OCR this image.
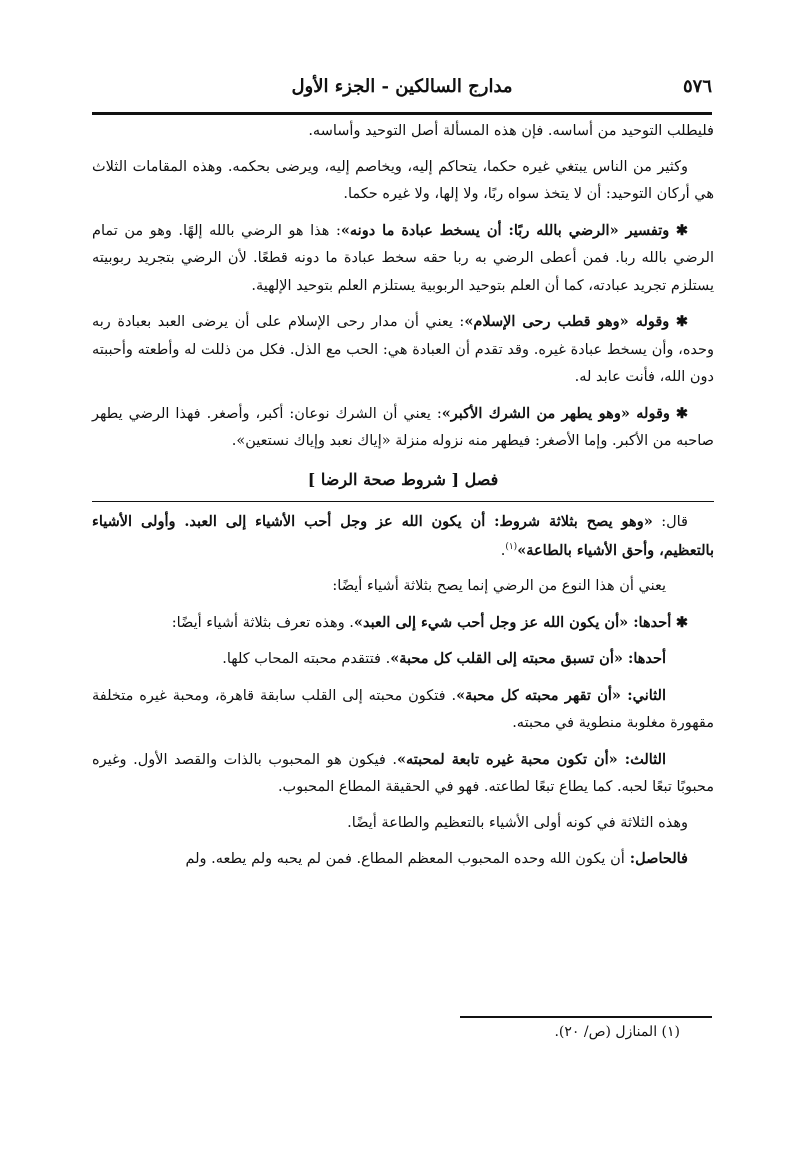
٥٧٦
مدارج السالكين - الجزء الأول

فليطلب التوحيد من أساسه. فإن هذه المسألة أصل التوحيد وأساسه.

وكثير من الناس يبتغي غيره حكما، يتحاكم إليه، ويخاصم إليه، ويرضى بحكمه. وهذه المقامات الثلاث هي أركان التوحيد: أن لا يتخذ سواه ربًا، ولا إلها، ولا غيره حكما.

✱ وتفسير «الرضي بالله ربًا: أن يسخط عبادة ما دونه»: هذا هو الرضي بالله إلهًا. وهو من تمام الرضي بالله ربا. فمن أعطى الرضي به ربا حقه سخط عبادة ما دونه قطعًا. لأن الرضي بتجريد ربوبيته يستلزم تجريد عبادته، كما أن العلم بتوحيد الربوبية يستلزم العلم بتوحيد الإلهية.

✱ وقوله «وهو قطب رحى الإسلام»: يعني أن مدار رحى الإسلام على أن يرضى العبد بعبادة ربه وحده، وأن يسخط عبادة غيره. وقد تقدم أن العبادة هي: الحب مع الذل. فكل من ذللت له وأطعته وأحببته دون الله، فأنت عابد له.

✱ وقوله «وهو يطهر من الشرك الأكبر»: يعني أن الشرك نوعان: أكبر، وأصغر. فهذا الرضي يطهر صاحبه من الأكبر. وإما الأصغر: فيطهر منه نزوله منزلة «إياك نعبد وإياك نستعين».

فصل [ شروط صحة الرضا ]

قال: «وهو يصح بثلاثة شروط: أن يكون الله عز وجل أحب الأشياء إلى العبد. وأولى الأشياء بالتعظيم، وأحق الأشياء بالطاعة»$^{(١)}$.

يعني أن هذا النوع من الرضي إنما يصح بثلاثة أشياء أيضًا:

✱ أحدها: «أن يكون الله عز وجل أحب شيء إلى العبد». وهذه تعرف بثلاثة أشياء أيضًا:

أحدها: «أن تسبق محبته إلى القلب كل محبة». فتتقدم محبته المحاب كلها.

الثاني: «أن تقهر محبته كل محبة». فتكون محبته إلى القلب سابقة قاهرة، ومحبة غيره متخلفة مقهورة مغلوبة منطوية في محبته.

الثالث: «أن تكون محبة غيره تابعة لمحبته». فيكون هو المحبوب بالذات والقصد الأول. وغيره محبوبًا تبعًا لحبه. كما يطاع تبعًا لطاعته. فهو في الحقيقة المطاع المحبوب.

وهذه الثلاثة في كونه أولى الأشياء بالتعظيم والطاعة أيضًا.

فالحاصل: أن يكون الله وحده المحبوب المعظم المطاع. فمن لم يحبه ولم يطعه. ولم

(١) المنازل (ص/ ٢٠).
